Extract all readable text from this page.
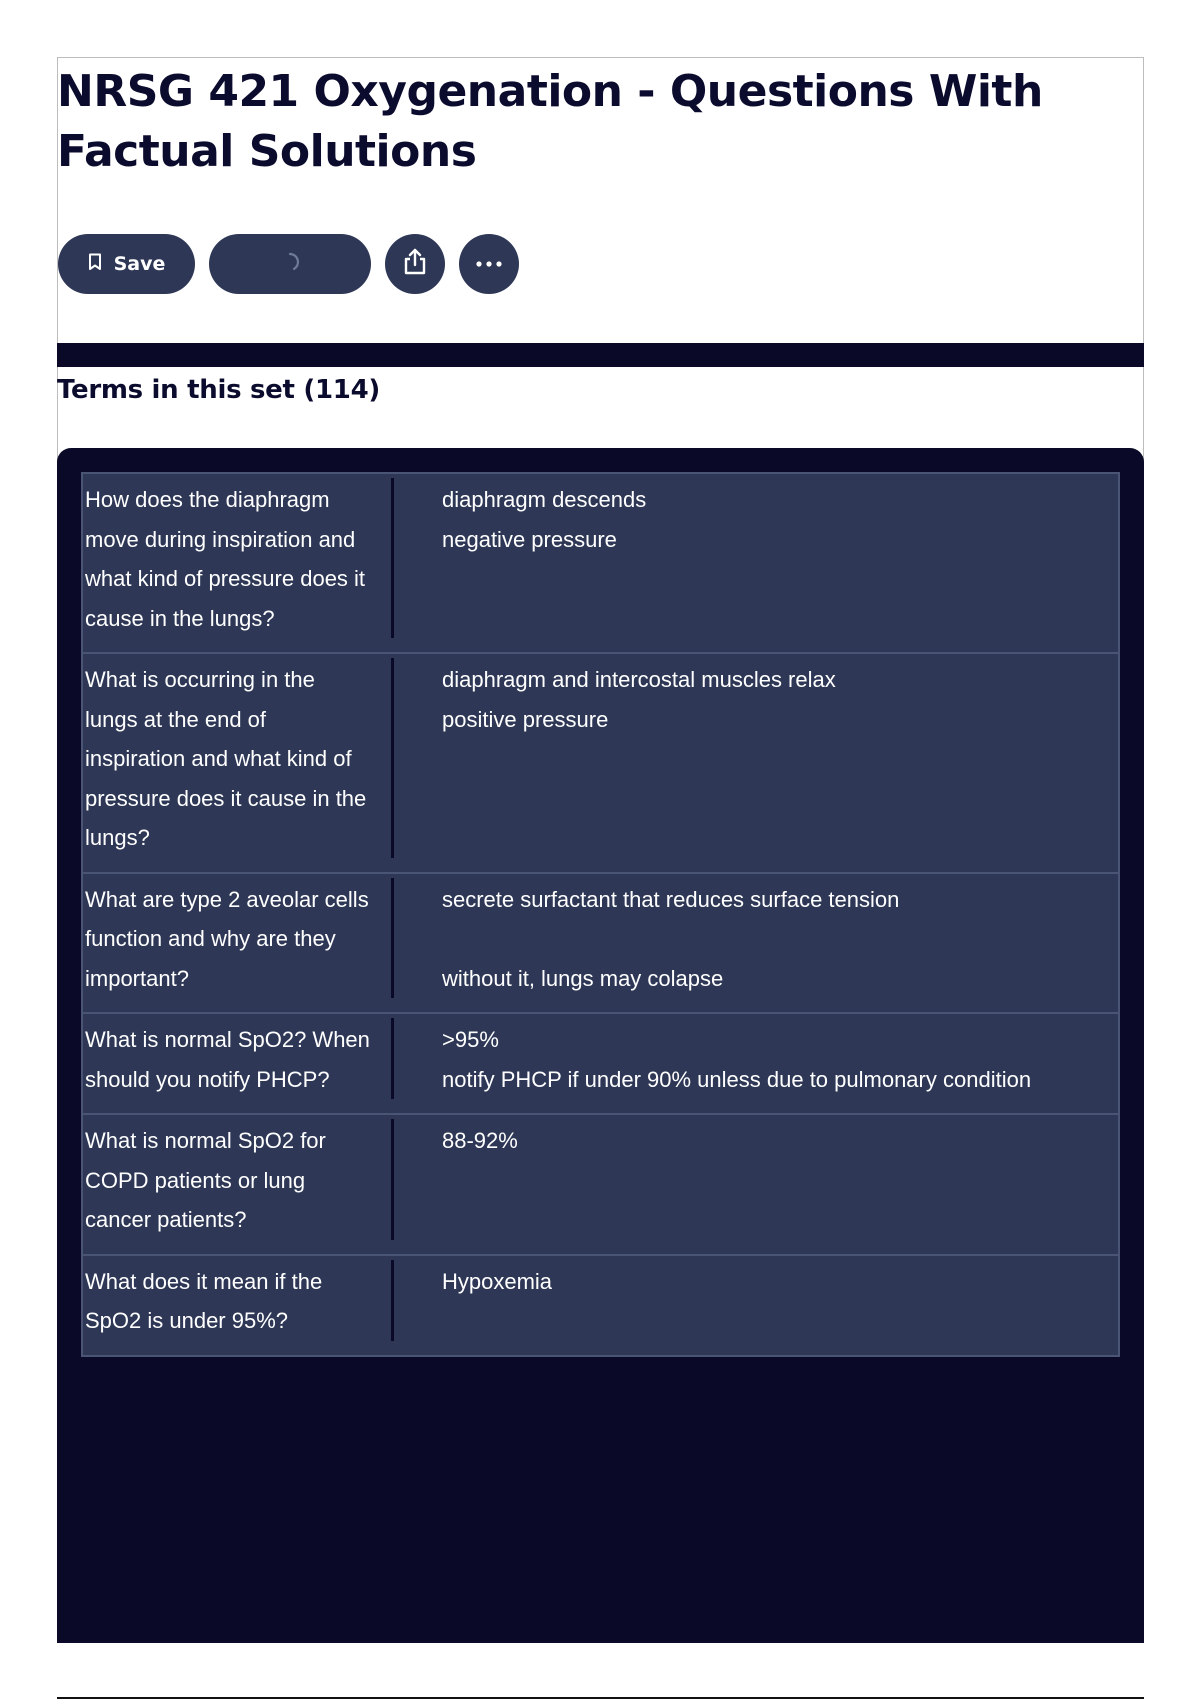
NRSG 421 Oxygenation - Questions With Factual Solutions
Save
Terms in this set (114)
How does the diaphragm move during inspiration and what kind of pressure does it cause in the lungs?
diaphragm descends
negative pressure
What is occurring in the lungs at the end of inspiration and what kind of pressure does it cause in the lungs?
diaphragm and intercostal muscles relax
positive pressure
What are type 2 aveolar cells function and why are they important?
secrete surfactant that reduces surface tension

without it, lungs may colapse
What is normal SpO2? When should you notify PHCP?
>95%
notify PHCP if under 90% unless due to pulmonary condition
What is normal SpO2 for COPD patients or lung cancer patients?
88-92%
What does it mean if the SpO2 is under 95%?
Hypoxemia
